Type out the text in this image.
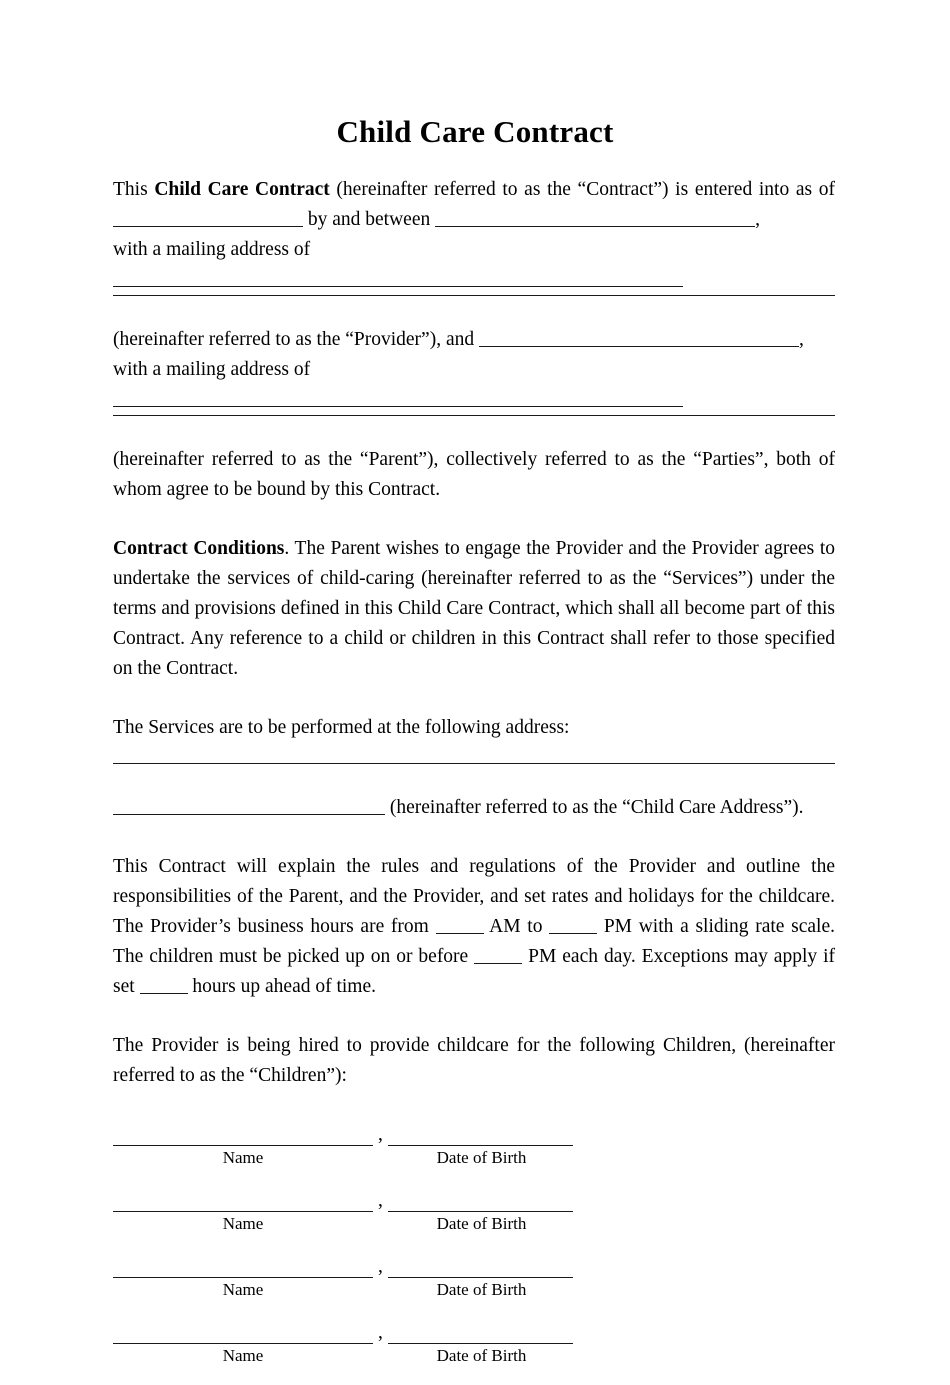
Child Care Contract

This Child Care Contract (hereinafter referred to as the “Contract”) is entered into as of  by and between	,

with a mailing address of

(hereinafter referred to as the “Provider”), and	,

with a mailing address of

(hereinafter referred to as the “Parent”), collectively referred to as the “Parties”, both of whom agree to be bound by this Contract.

Contract Conditions. The Parent wishes to engage the Provider and the Provider agrees to undertake the services of child-caring (hereinafter referred to as the “Services”) under the terms and provisions defined in this Child Care Contract, which shall all become part of this Contract. Any reference to a child or children in this Contract shall refer to those specified on the Contract.

The Services are to be performed at the following address:

(hereinafter referred to as the “Child Care Address”).

This Contract will explain the rules and regulations of the Provider and outline the responsibilities of the Parent, and the Provider, and set rates and holidays for the childcare. The Provider’s business hours are from  AM to  PM with a sliding rate scale. The children must be picked up on or before  PM each day. Exceptions may apply if set  hours up ahead of time.

The Provider is being hired to provide childcare for the following Children, (hereinafter referred to as the “Children”):

,
Name	Date of Birth
,
Name	Date of Birth
,
Name	Date of Birth
,
Name	Date of Birth
